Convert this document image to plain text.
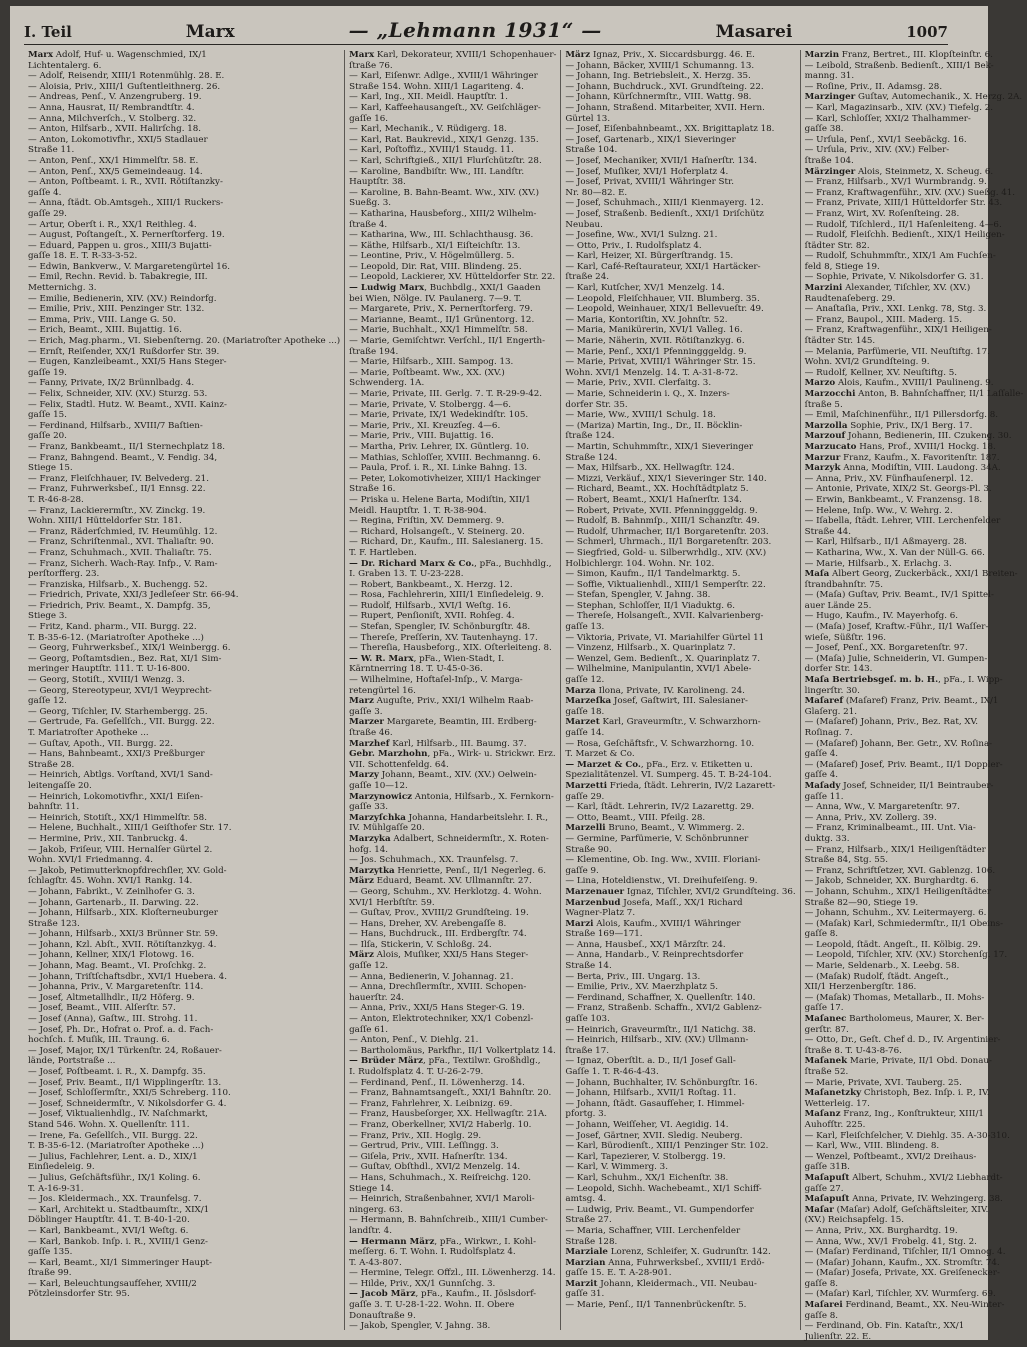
I. Teil	Marx	— „Lehmann 1931“ —	Masarei	1007

Marx Adolf, Huf- u. Wagenschmied, IX/1

Lichtentalerg. 6.

— Adolf, Reisendr, XIII/1 Rotenmühlg. 28. E.

— Aloisia, Priv., XIII/1 Guſtentleithnerg. 26.

— Andreas, Penſ., V. Anzengruberg. 19.

— Anna, Hausrat, II/ Rembrandtſtr. 4.

— Anna, Milchverſch., V. Stolberg. 32.

— Anton, Hilfsarb., XVII. Halirſchg. 18.

— Anton, Lokomotivfhr., XXI/5 Stadlauer

Straße 11.

— Anton, Penſ., XX/1 Himmelſtr. 58. E.

— Anton, Penſ., XX/5 Gemeindeaug. 14.

— Anton, Poſtbeamt. i. R., XVII. Rötiſtanzky-

gaſſe 4.

— Anna, ſtädt. Ob.Amtsgeh., XIII/1 Ruckers-

gaſſe 29.

— Artur, Oberſt i. R., XX/1 Reithleg. 4.

— August, Poſtangeſt., X. Pernerſtorferg. 19.

— Eduard, Pappen u. gros., XIII/3 Bujatti-

gaſſe 18. E. T. R-33-3-52.

— Edwin, Bankverw., V. Margaretengürtel 16.

— Emil, Rechn. Revid. b. Tabakregie, III.

Metternichg. 3.

— Emilie, Bedienerin, XIV. (XV.) Reindorfg.

— Emilie, Priv., XIII. Penzinger Str. 132.

— Emma, Priv., VIII. Lange G. 50.

— Erich, Beamt., XIII. Bujattig. 16.

— Erich, Mag.pharm., VI. Siebenſterng. 20. (Mariatroſter Apotheke ...)

— Ernſt, Reiſender, XX/1 Rußdorfer Str. 39.

— Eugen, Kanzleibeamt., XXI/5 Hans Steger-

gaſſe 19.

— Fanny, Private, IX/2 Brünnlbadg. 4.

— Felix, Schneider, XIV. (XV.) Sturzg. 53.

— Felix, Stadtl. Hutz. W. Beamt., XVII. Kainz-

gaſſe 15.

— Ferdinand, Hilfsarb., XVIII/7 Baſtien-

gaſſe 20.

— Franz, Bankbeamt., II/1 Sternechplatz 18.

— Franz, Bahngend. Beamt., V. Fendig. 34,

Stiege 15.

— Franz, Fleiſchhauer, IV. Belvederg. 21.

— Franz, Fuhrwerksbeſ., II/1 Ennsg. 22.

T. R-46-8-28.

— Franz, Lackierermſtr., XV. Zinckg. 19.

Wohn. XIII/1 Hütteldorfer Str. 181.

— Franz, Räderſchmied, IV. Heumühlg. 12.

— Franz, Schriſtenmal., XVI. Thaliaſtr. 90.

— Franz, Schuhmach., XVII. Thaliaſtr. 75.

— Franz, Sicherh. Wach-Ray. Infp., V. Ram-

perſtorfferg. 23.

— Franziska, Hilfsarb., X. Buchengg. 52.

— Friedrich, Private, XXI/3 Jedleſeer Str. 66-94.

— Friedrich, Priv. Beamt., X. Dampfg. 35,

Stiege 3.

— Fritz, Kand. pharm., VII. Burgg. 22.

T. B-35-6-12. (Mariatroſter Apotheke ...)

— Georg, Fuhrwerksbeſ., XIX/1 Weinbergg. 6.

— Georg, Poſtamtsdien., Bez. Rat, XI/1 Sim-

meringer Hauptſtr. 111. T. U-16-800.

— Georg, Stotiſt., XVIII/1 Wenzg. 3.

— Georg, Stereotypeur, XVI/1 Weyprecht-

gaſſe 12.

— Georg, Tiſchler, IV. Starhembergg. 25.

— Gertrude, Fa. Geſellſch., VII. Burgg. 22.

T. Mariatroſter Apotheke ...

— Guſtav, Apoth., VII. Burgg. 22.

— Hans, Bahnbeamt., XXI/3 Preßburger

Straße 28.

— Heinrich, Abtlgs. Vorſtand, XVI/1 Sand-

leitengaſſe 20.

— Heinrich, Lokomotivfhr., XXI/1 Eiſen-

bahnſtr. 11.

— Heinrich, Stotiſt., XX/1 Himmelſtr. 58.

— Helene, Buchhalt., XIII/1 Geiſthofer Str. 17.

— Hermine, Priv., XII. Tanbruckg. 4.

— Jakob, Friſeur, VIII. Hernalſer Gürtel 2.

Wohn. XVI/1 Friedmanng. 4.

— Jakob, Petimutterknopfdrechſler, XV. Gold-

ſchlagſtr. 45. Wohn. XVI/1 Rankg. 14.

— Johann, Fabrikt., V. Zeinlhofer G. 3.

— Johann, Gartenarb., II. Darwing. 22.

— Johann, Hilfsarb., XIX. Kloſterneuburger

Straße 123.

— Johann, Hilfsarb., XXI/3 Brünner Str. 59.

— Johann, Kzl. Abſt., XVII. Rötiſtanzkyg. 4.

— Johann, Kellner, XIX/1 Flotowg. 16.

— Johann, Mag. Beamt., VI. Proſchkg. 2.

— Johann, Triſtſchaftsdbr., XVI/1 Huebera. 4.

— Johanna, Priv., V. Margaretenſtr. 114.

— Josef, Altmetallhdlr., II/2 Höferg. 9.

— Josef, Beamt., VIII. Alſerſtr. 57.

— Josef (Anna), Gaſtw., III. Strohg. 11.

— Josef, Ph. Dr., Hofrat o. Prof. a. d. Fach-

hochſch. f. Muſik, III. Traung. 6.

— Josef, Major, IX/1 Türkenſtr. 24, Roßauer-

lände, Portstraße ...

— Josef, Poſtbeamt. i. R., X. Dampfg. 35.

— Josef, Priv. Beamt., II/1 Wipplingerſtr. 13.

— Josef, Schloſſermſtr., XXI/5 Schreberg. 110.

— Josef, Schneidermſtr., V. Nikolsdorfer G. 4.

— Josef, Viktualienhdlg., IV. Naſchmarkt,

Stand 546. Wohn. X. Quellenſtr. 111.

— Irene, Fa. Geſellſch., VII. Burgg. 22.

T. B-35-6-12. (Mariatroſter Apotheke ...)

— Julius, Fachlehrer, Lent. a. D., XIX/1

Einſiedeleig. 9.

— Julius, Geſchäftsführ., IX/1 Koling. 6.

T. A-16-9-31.

— Jos. Kleidermach., XX. Traunfelsg. 7.

— Karl, Architekt u. Stadtbaumſtr., XIX/1

Döblinger Hauptſtr. 41. T. B-40-1-20.

— Karl, Bankbeamt., XVI/1 Weſtg. 6.

— Karl, Bankob. Inſp. i. R., XVIII/1 Genz-

gaſſe 135.

— Karl, Beamt., XI/1 Simmeringer Haupt-

ſtraße 99.

— Karl, Beleuchtungsaufſeher, XVIII/2

Pötzleinsdorfer Str. 95.

Marx Karl, Dekorateur, XVIII/1 Schopenhauer-

ſtraße 76.

— Karl, Eiſenwr. Adlge., XVIII/1 Währinger

Straße 154. Wohn. XIII/1 Lagariteng. 4.

— Karl, Ing., XII. Meidl. Hauptſtr. 1.

— Karl, Kaffeehausangeſt., XV. Geiſchläger-

gaſſe 16.

— Karl, Mechanik., V. Rüdigerg. 18.

— Karl, Rat. Baukrevid., XIX/1 Genzg. 135.

— Karl, Poſtoffiz., XVIII/1 Staudg. 11.

— Karl, Schriftgieß., XII/1 Flurſchützſtr. 28.

— Karoline, Bandbiſtr. Ww., III. Landſtr.

Hauptſtr. 38.

— Karoline, B. Bahn-Beamt. Ww., XIV. (XV.)

Sueßg. 3.

— Katharina, Hausbeforg., XIII/2 Wilhelm-

ſtraße 4.

— Katharina, Ww., III. Schlachthausg. 36.

— Käthe, Hilfsarb., XI/1 Eiſteichſtr. 13.

— Leontine, Priv., V. Högelmüllerg. 5.

— Leopold, Dir. Rat, VIII. Blindeng. 25.

— Leopold, Lackierer, XV. Hütteldorfer Str. 22.

— Ludwig Marx, Buchbdlg., XXI/1 Gaaden

bei Wien, Nölge. IV. Paulanerg. 7—9. T.

— Margarete, Priv., X. Pernerſtorferg. 79.

— Marianne, Beamt., II/1 Grünentorg. 12.

— Marie, Buchhalt., XX/1 Himmelſtr. 58.

— Marie, Gemiſchtwr. Verſchl., II/1 Engerth-

ſtraße 194.

— Marie, Hilfsarb., XIII. Sampog. 13.

— Marie, Poſtbeamt. Ww., XX. (XV.)

Schwenderg. 1A.

— Marie, Private, III. Gerlg. 7. T. R-29-9-42.

— Marie, Private, V. Stolbergg. 4—6.

— Marie, Private, IX/1 Wedekindſtr. 105.

— Marie, Priv., XI. Kreuzſeg. 4—6.

— Marie, Priv., VIII. Bujattig. 16.

— Martha, Priv. Lehrer, IX. Güntlerg. 10.

— Mathias, Schloſſer, XVIII. Bechmanng. 6.

— Paula, Prof. i. R., XI. Linke Bahng. 13.

— Peter, Lokomotivheizer, XIII/1 Hackinger

Straße 16.

— Priska u. Helene Barta, Modiſtin, XII/1

Meidl. Hauptſtr. 1. T. R-38-904.

— Regina, Friſtin, XV. Demmerg. 9.

— Richard, Holsangeſt., V. Steinerg. 20.

— Richard, Dr., Kaufm., III. Salesianerg. 15.

T. F. Hartleben.

— Dr. Richard Marx & Co., pFa., Buchhdlg.,

I. Graben 13. T. U-23-228.

— Robert, Bankbeamt., X. Herzg. 12.

— Rosa, Fachlehrerin, XIII/1 Einſiedeleig. 9.

— Rudolf, Hilfsarb., XVI/1 Weſtg. 16.

— Rupert, Penſioniſt, XVII. Rohſeg. 4.

— Stefan, Spengler, IV. Schönburgſtr. 48.

— Thereſe, Preſſerin, XV. Tautenhayng. 17.

— Thereſia, Hausbeforg., XIX. Oſterleiteng. 8.

— W. R. Marx, pFa., Wien-Stadt, I.

Kärntnerring 18. T. U-45-0-36.

— Wilhelmine, Hoftaſel-Inſp., V. Marga-

retengürtel 16.

Marz Auguſte, Priv., XXI/1 Wilhelm Raab-

gaſſe 3.

Marzer Margarete, Beamtin, III. Erdberg-

ſtraße 46.

Marzhef Karl, Hilfsarb., III. Baumg. 37.

Gebr. Marzhohn, pFa., Wirk- u. Strickwr. Erz.

VII. Schottenfeldg. 64.

Marzy Johann, Beamt., XIV. (XV.) Oelwein-

gaſſe 10—12.

Marzynowicz Antonia, Hilfsarb., X. Fernkorn-

gaſſe 33.

Marzyſchka Johanna, Handarbeitslehr. I. R.,

IV. Mühlgaſſe 20.

Marzyka Adalbert, Schneidermſtr., X. Roten-

hofg. 14.

— Jos. Schuhmach., XX. Traunfelsg. 7.

Marzytka Henriette, Penſ., II/1 Negerleg. 6.

März Eduard, Beamt. XV. Ullmannſtr. 27.

— Georg, Schuhm., XV. Herklotzg. 4. Wohn.

XVI/1 Herbſtſtr. 59.

— Guſtav, Prov., XVIII/2 Grundſteing. 19.

— Hans, Dreher, XV. Arebengaſſe 8.

— Hans, Buchdruck., III. Erdbergſtr. 74.

— Ilſa, Stickerin, V. Schloßg. 24.

März Alois, Muſiker, XXI/5 Hans Steger-

gaſſe 12.

— Anna, Bedienerin, V. Johannag. 21.

— Anna, Drechſlermſtr., XVIII. Schopen-

hauerſtr. 24.

— Anna, Priv., XXI/5 Hans Steger-G. 19.

— Anton, Elektrotechniker, XX/1 Cobenzl-

gaſſe 61.

— Anton, Penſ., V. Diehlg. 21.

— Bartholomäus, Parkfhr., II/1 Volkertplatz 14.

— Brüder März, pFa., Textilwr. Großhdlg.,

I. Rudolfsplatz 4. T. U-26-2-79.

— Ferdinand, Penſ., II. Löwenherzg. 14.

— Franz, Bahnamtsangeſt., XXI/1 Bahnſtr. 20.

— Franz, Fahrlehrer, X. Leibnizg. 69.

— Franz, Hausbeſorger, XX. Hellwagſtr. 21A.

— Franz, Oberkellner, XVI/2 Haberlg. 10.

— Franz, Priv., XII. Hoglg. 29.

— Gertrud, Priv., VIII. Leſſingg. 3.

— Giſela, Priv., XVII. Haſnerſtr. 134.

— Guſtav, Obſthdl., XVI/2 Menzelg. 14.

— Hans, Schuhmach., X. Reiſreichg. 120.

Stiege 14.

— Heinrich, Straßenbahner, XVI/1 Maroli-

ningerg. 63.

— Hermann, B. Bahnſchreib., XIII/1 Cumber-

landſtr. 4.

— Hermann März, pFa., Wirkwr., I. Kohl-

meſſerg. 6. T. Wohn. I. Rudolfsplatz 4.

T. A-43-807.

— Hermine, Telegr. Offzl., III. Löwenherzg. 14.

— Hilde, Priv., XX/1 Gunnſchg. 3.

— Jacob März, pFa., Kaufm., II. Jöslsdorf-

gaſſe 3. T. U-28-1-22. Wohn. II. Obere

Donauſtraße 9.

— Jakob, Spengler, V. Jahng. 38.

März Ignaz, Priv., X. Siccardsburgg. 46. E.

— Johann, Bäcker, XVIII/1 Schumanng. 13.

— Johann, Ing. Betriebsleit., X. Herzg. 35.

— Johann, Buchdruck., XVI. Grundſteing. 22.

— Johann, Kürſchnermſtr., VIII. Wattg. 98.

— Johann, Straßend. Mitarbeiter, XVII. Hern.

Gürtel 13.

— Josef, Eiſenbahnbeamt., XX. Brigittaplatz 18.

— Josef, Gartenarb., XIX/1 Sieveringer

Straße 104.

— Josef, Mechaniker, XVII/1 Haſnerſtr. 134.

— Josef, Muſiker, XVI/1 Hoferplatz 4.

— Josef, Privat, XVIII/1 Währinger Str.

Nr. 80—82. E.

— Josef, Schuhmach., XIII/1 Kienmayerg. 12.

— Josef, Straßenb. Bedienſt., XXI/1 Driſchütz

Neubau.

— Josefine, Ww., XVI/1 Sulzng. 21.

— Otto, Priv., I. Rudolfsplatz 4.

— Karl, Heizer, XI. Bürgerſtrandg. 15.

— Karl, Café-Reſtaurateur, XXI/1 Hartäcker-

ſtraße 24.

— Karl, Kutſcher, XV/1 Menzelg. 14.

— Leopold, Fleiſchhauer, VII. Blumberg. 35.

— Leopold, Weinhauer, XIX/1 Bellevueſtr. 49.

— Maria, Kontoriſtin, XV. Johnſtr. 52.

— Maria, Manikürerin, XVI/1 Valleg. 16.

— Marie, Näherin, XVII. Rötiſtanzkyg. 6.

— Marie, Penſ., XXI/1 Pfenningggeldg. 9.

— Marie, Privat, XVIII/1 Währinger Str. 15.

Wohn. XVI/1 Menzelg. 14. T. A-31-8-72.

— Marie, Priv., XVII. Clerfaitg. 3.

— Marie, Schneiderin i. Q., X. Inzers-

dorfer Str. 35.

— Marie, Ww., XVIII/1 Schulg. 18.

— (Mariza) Martin, Ing., Dr., II. Böcklin-

ſtraße 124.

— Martin, Schuhmmſtr., XIX/1 Sieveringer

Straße 124.

— Max, Hilfsarb., XX. Hellwagſtr. 124.

— Mizzi, Verkäuf., XIX/1 Sieveringer Str. 140.

— Richard, Beamt., XX. Hochſtädtplatz 5.

— Robert, Beamt., XXI/1 Haſnerſtr. 134.

— Robert, Private, XVII. Pfenningggeldg. 9.

— Rudolf, B. Bahnmſp., XIII/1 Schanzſtr. 49.

— Rudolf, Uhrmacher, II/1 Borgaretenſtr. 203.

— Schmerl, Uhrmach., II/1 Borgaretenſtr. 203.

— Siegfried, Gold- u. Silberwrhdlg., XIV. (XV.)

Holbichlergr. 104. Wohn. Nr. 102.

— Simon, Kaufm., II/1 Tandelmarktg. 5.

— Soffie, Viktualienhdl., XIII/1 Semperſtr. 22.

— Stefan, Spengler, V. Jahng. 38.

— Stephan, Schloſſer, II/1 Viaduktg. 6.

— Thereſe, Holsangeſt., XVII. Kalvarienberg-

gaſſe 13.

— Viktoria, Private, VI. Mariahilfer Gürtel 11

— Vinzenz, Hilfsarb., X. Quarinplatz 7.

— Wenzel, Gem. Bedienſt., X. Quarinplatz 7.

— Wilhelmine, Manipulantin, XVI/1 Abele-

gaſſe 12.

Marza Ilona, Private, IV. Karolineng. 24.

Marzeſka Josef, Gaſtwirt, III. Salesianer-

gaſſe 18.

Marzet Karl, Graveurmſtr., V. Schwarzhorn-

gaſſe 14.

— Rosa, Geſchäftsfr., V. Schwarzhorng. 10.

T. Marzet & Co.

— Marzet & Co., pFa., Erz. v. Etiketten u.

Spezialitätenzel. VI. Sumperg. 45. T. B-24-104.

Marzetti Frieda, ſtädt. Lehrerin, IV/2 Lazarett-

gaſſe 29.

— Karl, ſtädt. Lehrerin, IV/2 Lazarettg. 29.

— Otto, Beamt., VIII. Pfeilg. 28.

Marzelli Bruno, Beamt., V. Wimmerg. 2.

— Germine, Parfümerie, V. Schönbrunner

Straße 90.

— Klementine, Ob. Ing. Ww., XVIII. Floriani-

gaſſe 9.

— Lina, Hoteldienstw., VI. Dreihufeiſeng. 9.

Marzenauer Ignaz, Tiſchler, XVI/2 Grundſteing. 36.

Marzenbud Josefa, Maſſ., XX/1 Richard

Wagner-Platz 7.

Marzi Alois, Kaufm., XVIII/1 Währinger

Straße 169—171.

— Anna, Hausbeſ., XX/1 Märzſtr. 24.

— Anna, Handarb., V. Reinprechtsdorfer

Straße 14.

— Berta, Priv., III. Ungarg. 13.

— Emilie, Priv., XV. Maerzhplatz 5.

— Ferdinand, Schaffner, X. Quellenſtr. 140.

— Franz, Straßenb. Schaffn., XVI/2 Gablenz-

gaſſe 103.

— Heinrich, Graveurmſtr., II/1 Natichg. 38.

— Heinrich, Hilfsarb., XIV. (XV.) Ullmann-

ſtraße 17.

— Ignaz, Oberſtlt. a. D., II/1 Josef Gall-

Gaſſe 1. T. R-46-4-43.

— Johann, Buchhalter, IV. Schönburgſtr. 16.

— Johann, Hilfsarb., XVII/1 Roſtag. 11.

— Johann, ſtädt. Gasaufſeher, I. Himmel-

pfortg. 3.

— Johann, Weiſſeher, VI. Aegidig. 14.

— Josef, Gärtner, XVII. Sledig. Neuberg.

— Karl, Bürodienſt., XIII/1 Penzinger Str. 102.

— Karl, Tapezierer, V. Stolbergg. 19.

— Karl, V. Wimmerg. 3.

— Karl, Schuhm., XX/1 Eichenſtr. 38.

— Leopold, Sichh. Wachebeamt., XI/1 Schiff-

amtsg. 4.

— Ludwig, Priv. Beamt., VI. Gumpendorfer

Straße 27.

— Maria, Schaffner, VIII. Lerchenfelder

Straße 128.

Marziale Lorenz, Schleifer, X. Gudrunſtr. 142.

Marzian Anna, Fuhrwerksbeſ., XVIII/1 Erdö-

gaſſe 15. E. T. A-28-901.

Marzit Johann, Kleidermach., VII. Neubau-

gaſſe 31.

— Marie, Penſ., II/1 Tannenbrückenſtr. 5.

Marzin Franz, Bertret., III. Klopſteinſtr. 6.

— Leibold, Straßenb. Bedienſt., XIII/1 Bek-

manng. 31.

— Roſine, Priv., II. Adamsg. 28.

Marzinger Guſtav, Automechanik., X. Herzg. 2A.

— Karl, Magazinsarb., XIV. (XV.) Tiefelg. 2.

— Karl, Schloſſer, XXI/2 Thalhammer-

gaſſe 38.

— Urſula, Penſ., XVI/1 Seebäckg. 16.

— Urſula, Priv., XIV. (XV.) Felber-

ſtraße 104.

Märzinger Alois, Steinmetz, X. Scheug. 6.

— Franz, Hilfsarb., XV/1 Wurmbrandg. 9.

— Franz, Kraftwagenführ., XIV. (XV.) Sueßg. 41.

— Franz, Private, XIII/1 Hütteldorfer Str. 43.

— Franz, Wirt, XV. Roſenſteing. 28.

— Rudolf, Tiſchlerd., II/1 Haſenleiteng. 4—6.

— Rudolf, Fleiſchh. Bedienſt., XIX/1 Heiligen-

ſtädter Str. 82.

— Rudolf, Schuhmmſtr., XIX/1 Am Fuchſen-

feld 8, Stiege 19.

— Sophie, Private, V. Nikolsdorfer G. 31.

Marzini Alexander, Tiſchler, XV. (XV.)

Raudtenaſeberg. 29.

— Anaſtaſia, Priv., XXI. Lenkg. 78, Stg. 3.

— Franz, Baupol., XIII. Maderg. 15.

— Franz, Kraftwagenführ., XIX/1 Heiligen-

ſtädter Str. 145.

— Melania, Parfümerie, VII. Neuſtiftg. 17.

Wohn. XVI/2 Grundſteing. 9.

— Rudolf, Kellner, XV. Neuſtiftg. 5.

Marzo Alois, Kaufm., XVIII/1 Paulineng. 9.

Marzocchi Anton, B. Bahnſchaffner, II/1 Laſſalle-

ſtraße 5.

— Emil, Maſchinenführ., II/1 Pillersdorfg. 8.

Marzolla Sophie, Priv., IX/1 Berg. 17.

Marzouf Johann, Bedienerin, III. Czukeng. 30.

Marzucato Hans, Prof., XVIII/1 Hockg. 18.

Marzur Franz, Kaufm., X. Favoritenſtr. 187.

Marzyk Anna, Modiſtin, VIII. Laudong. 34A.

— Anna, Priv., XV. Fünfhauſenerpl. 12.

— Antonie, Private, XIX/2 St. Georgs-Pl. 3.

— Erwin, Bankbeamt., V. Franzensg. 18.

— Helene, Inſp. Ww., V. Wehrg. 2.

— Iſabella, ſtädt. Lehrer, VIII. Lerchenfelder

Straße 44.

— Karl, Hilfsarb., II/1 Aßmayerg. 28.

— Katharina, Ww., X. Van der Nüll-G. 66.

— Marie, Hilfsarb., X. Erlachg. 3.

Maſa Albert Georg, Zuckerbäck., XXI/1 Breiten-

ſtrandbahnſtr. 75.

— (Maſa) Guſtav, Priv. Beamt., IV/1 Spittel-

auer Lände 25.

— Hugo, Kaufm., IV. Mayerhofg. 6.

— (Maſa) Josef, Kraftw.-Führ., II/1 Waſſer-

wieſe, Süßſtr. 196.

— Josef, Penſ., XX. Borgaretenſtr. 97.

— (Maſa) Julie, Schneiderin, VI. Gumpen-

dorfer Str. 143.

Maſa Bertriebsgeſ. m. b. H., pFa., I. Wipp-

lingerſtr. 30.

Maſaref (Maſaref) Franz, Priv. Beamt., IX/1

Glaſerg. 21.

— (Maſaref) Johann, Priv., Bez. Rat, XV.

Roſinag. 7.

— (Maſaref) Johann, Ber. Getr., XV. Roſina-

gaſſe 4.

— (Maſaref) Josef, Priv. Beamt., II/1 Doppler-

gaſſe 4.

Maſady Josef, Schneider, II/1 Beintrauber-

gaſſe 11.

— Anna, Ww., V. Margaretenſtr. 97.

— Anna, Priv., XV. Zollerg. 39.

— Franz, Kriminalbeamt., III. Unt. Via-

duktg. 33.

— Franz, Hilfsarb., XIX/1 Heiligenſtädter

Straße 84, Stg. 55.

— Franz, Schriftſetzer, XVI. Gablenzg. 106.

— Jakob, Schneider, XX. Burghardtg. 6.

— Johann, Schuhm., XIX/1 Heiligenſtädter

Straße 82—90, Stiege 19.

— Johann, Schuhm., XV. Leitermayerg. 6.

— (Maſak) Karl, Schmiedermſtr., II/1 Obeins-

gaſſe 8.

— Leopold, ſtädt. Angeſt., II. Kölbig. 29.

— Leopold, Tiſchler, XIV. (XV.) Storchenſg. 17.

— Marie, Seldenarb., X. Leebg. 58.

— (Maſak) Rudolf, ſtädt. Angeſt.,

XII/1 Herzenbergſtr. 186.

— (Maſak) Thomas, Metallarb., II. Mohs-

gaſſe 17.

Maſanec Bartholomeus, Maurer, X. Ber-

gerſtr. 87.

— Otto, Dr., Geſt. Chef d. D., IV. Argentinier-

ſtraße 8. T. U-43-8-76.

Maſanek Marie, Private, II/1 Obd. Donau-

ſtraße 52.

— Marie, Private, XVI. Tauberg. 25.

Maſanetzky Christoph, Bez. Inſp. i. P., IV.

Wetterleig. 17.

Maſanz Franz, Ing., Konſtrukteur, XIII/1

Auhofſtr. 225.

— Karl, Fleiſchſelcher, V. Diehlg. 35. A-30-310.

— Karl, Ww., VIII. Blindeng. 8.

— Wenzel, Poſtbeamt., XVI/2 Dreihaus-

gaſſe 31B.

Maſapuſt Albert, Schuhm., XVI/2 Liebhardt-

gaſſe 27.

Maſapuſt Anna, Private, IV. Wehzingerg. 38.

Maſar (Maſar) Adolf, Geſchäftsleiter, XIV.

(XV.) Reichsapfelg. 15.

— Anna, Priv., XX. Burghardtg. 19.

— Anna, Ww., XV/1 Frobelg. 41, Stg. 2.

— (Maſar) Ferdinand, Tiſchler, II/1 Omnog. 4.

— (Maſar) Johann, Kaufm., XX. Stromſtr. 74.

— (Maſar) Josefa, Private, XX. Greiſenecker-

gaſſe 8.

— (Maſar) Karl, Tiſchler, XV. Wurmſerg. 69.

Maſarei Ferdinand, Beamt., XX. Neu-Winter-

gaſſe 8.

— Ferdinand, Ob. Fin. Kataſtr., XX/1

Julienſtr. 22. E.
